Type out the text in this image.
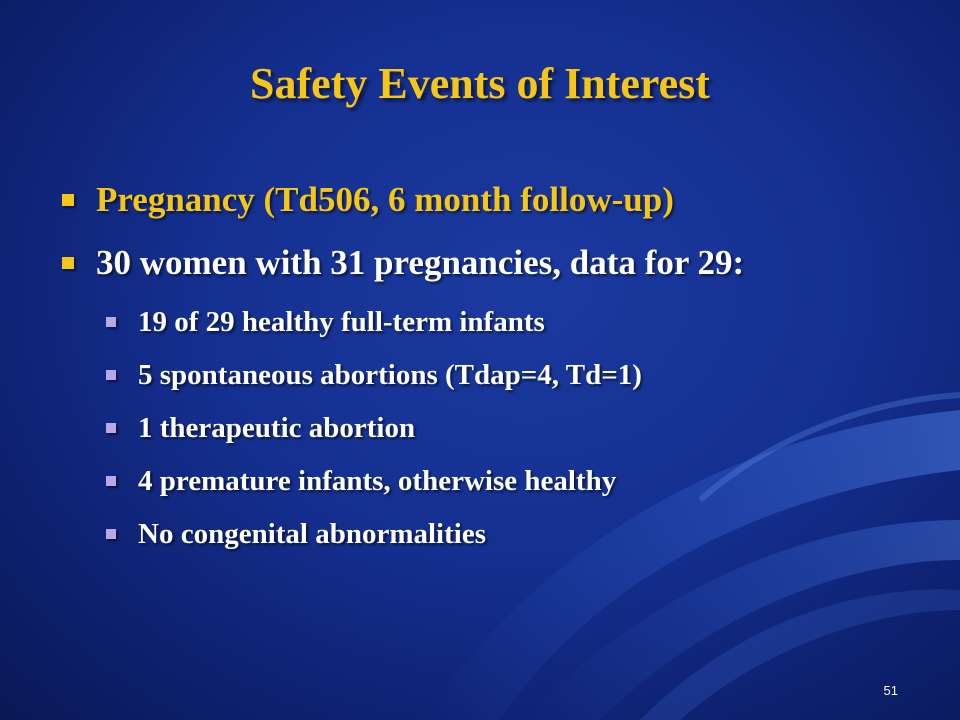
Safety Events of Interest
Pregnancy (Td506, 6 month follow-up)
30 women with 31 pregnancies, data for 29:
19 of 29 healthy full-term infants
5 spontaneous abortions (Tdap=4, Td=1)
1 therapeutic abortion
4 premature infants, otherwise healthy
No congenital abnormalities
51
